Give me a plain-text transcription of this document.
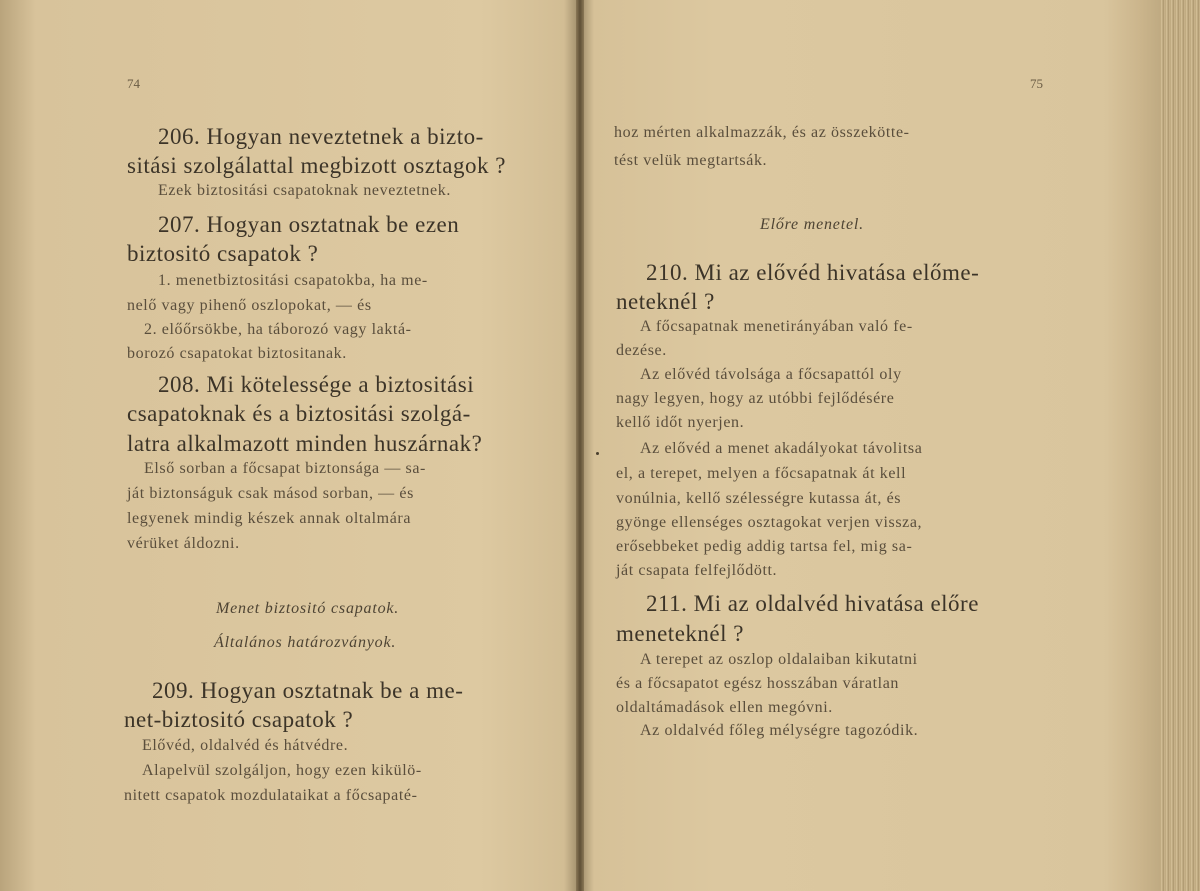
74
206. Hogyan neveztetnek a bizto-
sitási szolgálattal megbizott osztagok ?
Ezek biztositási csapatoknak neveztetnek.
207. Hogyan osztatnak be ezen
biztositó csapatok ?
1. menetbiztositási csapatokba, ha me-
nelő vagy pihenő oszlopokat, — és
2. előőrsökbe, ha táborozó vagy laktá-
borozó csapatokat biztositanak.
208. Mi kötelessége a biztositási
csapatoknak és a biztositási szolgá-
latra alkalmazott minden huszárnak?
Első sorban a főcsapat biztonsága — sa-
ját biztonságuk csak másod sorban, — és
legyenek mindig készek annak oltalmára
vérüket áldozni.
Menet biztositó csapatok.
Általános határozványok.
209. Hogyan osztatnak be a me-
net-biztositó csapatok ?
Elővéd, oldalvéd és hátvédre.
Alapelvül szolgáljon, hogy ezen kikülö-
nitett csapatok mozdulataikat a főcsapaté-
75
hoz mérten alkalmazzák, és az összekötte-
tést velük megtartsák.
Előre menetel.
210. Mi az elővéd hivatása előme-
neteknél ?
A főcsapatnak menetirányában való fe-
dezése.
Az elővéd távolsága a főcsapattól oly
nagy legyen, hogy az utóbbi fejlődésére
kellő időt nyerjen.
Az elővéd a menet akadályokat távolitsa
el, a terepet, melyen a főcsapatnak át kell
vonúlnia, kellő szélességre kutassa át, és
gyönge ellenséges osztagokat verjen vissza,
erősebbeket pedig addig tartsa fel, mig sa-
ját csapata felfejlődött.
211. Mi az oldalvéd hivatása előre
meneteknél ?
A terepet az oszlop oldalaiban kikutatni
és a főcsapatot egész hosszában váratlan
oldaltámadások ellen megóvni.
Az oldalvéd főleg mélységre tagozódik.
